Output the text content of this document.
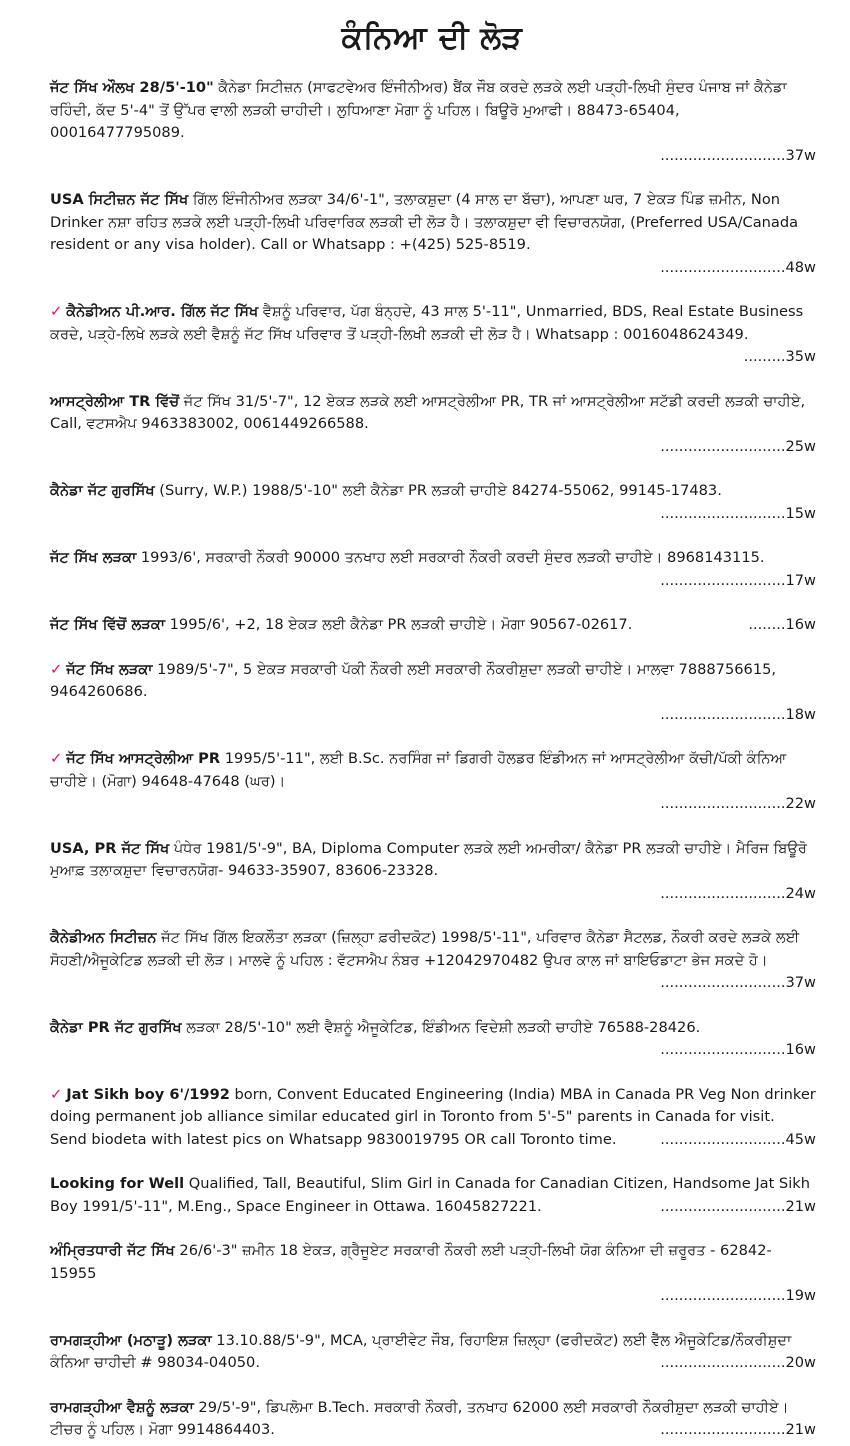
ਕੰਨਿਆ ਦੀ ਲੋੜ
ਜੱਟ ਸਿੱਖ ਔਲਖ 28/5'-10" ਕੈਨੇਡਾ ਸਿਟੀਜ਼ਨ (ਸਾਫਟਵੇਅਰ ਇੰਜੀਨੀਅਰ) ਬੈਂਕ ਜੌਬ ਕਰਦੇ ਲੜਕੇ ਲਈ ਪੜ੍ਹੀ-ਲਿਖੀ ਸੁੰਦਰ ਪੰਜਾਬ ਜਾਂ ਕੈਨੇਡਾ ਰਹਿੰਦੀ, ਕੱਦ 5'-4" ਤੋਂ ਉੱਪਰ ਵਾਲੀ ਲੜਕੀ ਚਾਹੀਦੀ। ਲੁਧਿਆਣਾ ਮੋਗਾ ਨੂੰ ਪਹਿਲ। ਬਿਊਰੋ ਮੁਆਫੀ। 88473-65404, 00016477795089.
...........................37w
USA ਸਿਟੀਜ਼ਨ ਜੱਟ ਸਿੱਖ ਗਿੱਲ ਇੰਜੀਨੀਅਰ ਲੜਕਾ 34/6'-1", ਤਲਾਕਸ਼ੁਦਾ (4 ਸਾਲ ਦਾ ਬੱਚਾ), ਆਪਣਾ ਘਰ, 7 ਏਕੜ ਪਿੰਡ ਜ਼ਮੀਨ, Non Drinker ਨਸ਼ਾ ਰਹਿਤ ਲੜਕੇ ਲਈ ਪੜ੍ਹੀ-ਲਿਖੀ ਪਰਿਵਾਰਿਕ ਲੜਕੀ ਦੀ ਲੋੜ ਹੈ। ਤਲਾਕਸ਼ੁਦਾ ਵੀ ਵਿਚਾਰਨਯੋਗ, (Preferred USA/Canada resident or any visa holder). Call or Whatsapp : +(425) 525-8519.
...........................48w
✓ ਕੈਨੇਡੀਅਨ ਪੀ.ਆਰ. ਗਿੱਲ ਜੱਟ ਸਿੱਖ ਵੈਸ਼ਨੂੰ ਪਰਿਵਾਰ, ਪੱਗ ਬੰਨ੍ਹਦੇ, 43 ਸਾਲ 5'-11", Unmarried, BDS, Real Estate Business ਕਰਦੇ, ਪੜ੍ਹੇ-ਲਿਖੇ ਲੜਕੇ ਲਈ ਵੈਸ਼ਨੂੰ ਜੱਟ ਸਿੱਖ ਪਰਿਵਾਰ ਤੋਂ ਪੜ੍ਹੀ-ਲਿਖੀ ਲੜਕੀ ਦੀ ਲੋੜ ਹੈ। Whatsapp : 0016048624349.
.........35w
ਆਸਟ੍ਰੇਲੀਆ TR ਵਿੱਚੋਂ ਜੱਟ ਸਿੱਖ 31/5'-7", 12 ਏਕੜ ਲੜਕੇ ਲਈ ਆਸਟ੍ਰੇਲੀਆ PR, TR ਜਾਂ ਆਸਟ੍ਰੇਲੀਆ ਸਟੱਡੀ ਕਰਦੀ ਲੜਕੀ ਚਾਹੀਏ, Call, ਵਟਸਐਪ 9463383002, 0061449266588.
...........................25w
ਕੈਨੇਡਾ ਜੱਟ ਗੁਰਸਿੱਖ (Surry, W.P.) 1988/5'-10" ਲਈ ਕੈਨੇਡਾ PR ਲੜਕੀ ਚਾਹੀਏ 84274-55062, 99145-17483.
...........................15w
ਜੱਟ ਸਿੱਖ ਲੜਕਾ 1993/6', ਸਰਕਾਰੀ ਨੌਕਰੀ 90000 ਤਨਖਾਹ ਲਈ ਸਰਕਾਰੀ ਨੌਕਰੀ ਕਰਦੀ ਸੁੰਦਰ ਲੜਕੀ ਚਾਹੀਏ। 8968143115.
...........................17w
ਜੱਟ ਸਿੱਖ ਵਿੱਚੋਂ ਲੜਕਾ 1995/6', +2, 18 ਏਕੜ ਲਈ ਕੈਨੇਡਾ PR ਲੜਕੀ ਚਾਹੀਏ। ਮੋਗਾ 90567-02617.	........16w
✓ ਜੱਟ ਸਿੱਖ ਲੜਕਾ 1989/5'-7", 5 ਏਕੜ ਸਰਕਾਰੀ ਪੱਕੀ ਨੌਕਰੀ ਲਈ ਸਰਕਾਰੀ ਨੌਕਰੀਸ਼ੁਦਾ ਲੜਕੀ ਚਾਹੀਏ। ਮਾਲਵਾ 7888756615, 9464260686.
...........................18w
✓ ਜੱਟ ਸਿੱਖ ਆਸਟ੍ਰੇਲੀਆ PR 1995/5'-11", ਲਈ B.Sc. ਨਰਸਿੰਗ ਜਾਂ ਡਿਗਰੀ ਹੋਲਡਰ ਇੰਡੀਅਨ ਜਾਂ ਆਸਟ੍ਰੇਲੀਆ ਕੱਚੀ/ਪੱਕੀ ਕੰਨਿਆ ਚਾਹੀਏ। (ਮੋਗਾ) 94648-47648 (ਘਰ)।
...........................22w
USA, PR ਜੱਟ ਸਿੱਖ ਪੰਧੇਰ 1981/5'-9", BA, Diploma Computer ਲੜਕੇ ਲਈ ਅਮਰੀਕਾ/ ਕੈਨੇਡਾ PR ਲੜਕੀ ਚਾਹੀਏ। ਮੈਰਿਜ ਬਿਊਰੋ ਮੁਆਫ਼ ਤਲਾਕਸ਼ੁਦਾ ਵਿਚਾਰਨਯੋਗ- 94633-35907, 83606-23328.
...........................24w
ਕੈਨੇਡੀਅਨ ਸਿਟੀਜ਼ਨ ਜੱਟ ਸਿੱਖ ਗਿੱਲ ਇਕਲੌਤਾ ਲੜਕਾ (ਜ਼ਿਲ੍ਹਾ ਫ਼ਰੀਦਕੋਟ) 1998/5'-11", ਪਰਿਵਾਰ ਕੈਨੇਡਾ ਸੈਟਲਡ, ਨੌਕਰੀ ਕਰਦੇ ਲੜਕੇ ਲਈ ਸੋਹਣੀ/ਐਜੂਕੇਟਿਡ ਲੜਕੀ ਦੀ ਲੋੜ। ਮਾਲਵੇ ਨੂੰ ਪਹਿਲ : ਵੱਟਸਐਪ ਨੰਬਰ +12042970482 ਉਪਰ ਕਾਲ ਜਾਂ ਬਾਇਓਡਾਟਾ ਭੇਜ ਸਕਦੇ ਹੋ।
...........................37w
ਕੈਨੇਡਾ PR ਜੱਟ ਗੁਰਸਿੱਖ ਲੜਕਾ 28/5'-10" ਲਈ ਵੈਸ਼ਨੂੰ ਐਜੂਕੇਟਿਡ, ਇੰਡੀਅਨ ਵਿਦੇਸ਼ੀ ਲੜਕੀ ਚਾਹੀਏ 76588-28426.
...........................16w
✓ Jat Sikh boy 6'/1992 born, Convent Educated Engineering (India) MBA in Canada PR Veg Non drinker doing permanent job alliance similar educated girl in Toronto from 5'-5" parents in Canada for visit. Send biodeta with latest pics on Whatsapp 9830019795 OR call Toronto time.	...........................45w
Looking for Well Qualified, Tall, Beautiful, Slim Girl in Canada for Canadian Citizen, Handsome Jat Sikh Boy 1991/5'-11", M.Eng., Space Engineer in Ottawa. 16045827221.	...........................21w
ਅੰਮ੍ਰਿਤਧਾਰੀ ਜੱਟ ਸਿੱਖ 26/6'-3" ਜ਼ਮੀਨ 18 ਏਕੜ, ਗ੍ਰੈਜੂਏਟ ਸਰਕਾਰੀ ਨੌਕਰੀ ਲਈ ਪੜ੍ਹੀ-ਲਿਖੀ ਯੋਗ ਕੰਨਿਆ ਦੀ ਜ਼ਰੂਰਤ - 62842-15955
...........................19w
ਰਾਮਗੜ੍ਹੀਆ (ਮਠਾੜੂ) ਲੜਕਾ 13.10.88/5'-9", MCA, ਪ੍ਰਾਈਵੇਟ ਜੌਬ, ਰਿਹਾਇਸ਼ ਜ਼ਿਲ੍ਹਾ (ਫਰੀਦਕੋਟ) ਲਈ ਵੈੱਲ ਐਜੂਕੇਟਿਡ/ਨੌਕਰੀਸ਼ੁਦਾ ਕੰਨਿਆ ਚਾਹੀਦੀ # 98034-04050.	...........................20w
ਰਾਮਗੜ੍ਹੀਆ ਵੈਸ਼ਨੂੰ ਲੜਕਾ 29/5'-9", ਡਿਪਲੋਮਾ B.Tech. ਸਰਕਾਰੀ ਨੌਕਰੀ, ਤਨਖਾਹ 62000 ਲਈ ਸਰਕਾਰੀ ਨੌਕਰੀਸ਼ੁਦਾ ਲੜਕੀ ਚਾਹੀਏ। ਟੀਚਰ ਨੂੰ ਪਹਿਲ। ਮੋਗਾ 9914864403.	...........................21w
